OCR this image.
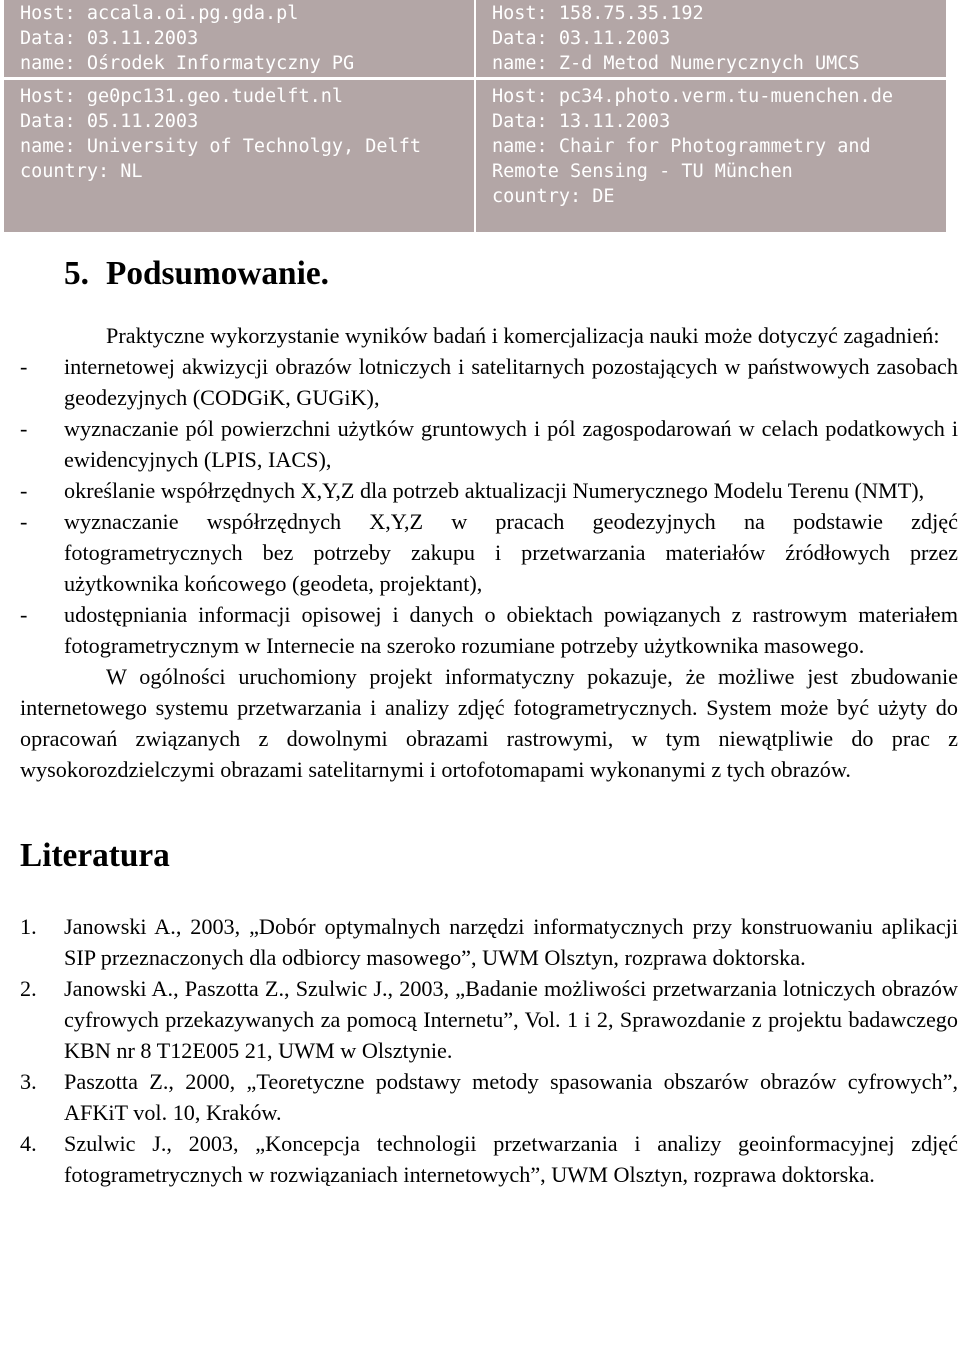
Host: accala.oi.pg.gda.pl
Data: 03.11.2003
name: Ośrodek Informatyczny PG
Host: 158.75.35.192
Data: 03.11.2003
name: Z-d Metod Numerycznych UMCS
Host: ge0pc131.geo.tudelft.nl
Data: 05.11.2003
name: University of Technolgy, Delft
country: NL
Host: pc34.photo.verm.tu-muenchen.de
Data: 13.11.2003
name: Chair for Photogrammetry and Remote Sensing - TU München
country: DE
5. Podsumowanie.

Praktyczne wykorzystanie wyników badań i komercjalizacja nauki może dotyczyć zagadnień:

- internetowej akwizycji obrazów lotniczych i satelitarnych pozostających w państwowych zasobach geodezyjnych (CODGiK, GUGiK),
- wyznaczanie pól powierzchni użytków gruntowych i pól zagospodarowań w celach podatkowych i ewidencyjnych (LPIS, IACS),
- określanie współrzędnych X,Y,Z dla potrzeb aktualizacji Numerycznego Modelu Terenu (NMT),
- wyznaczanie współrzędnych X,Y,Z w pracach geodezyjnych na podstawie zdjęć fotogrametrycznych bez potrzeby zakupu i przetwarzania materiałów źródłowych przez użytkownika końcowego (geodeta, projektant),
- udostępniania informacji opisowej i danych o obiektach powiązanych z rastrowym materiałem fotogrametrycznym w Internecie na szeroko rozumiane potrzeby użytkownika masowego.

W ogólności uruchomiony projekt informatyczny pokazuje, że możliwe jest zbudowanie internetowego systemu przetwarzania i analizy zdjęć fotogrametrycznych. System może być użyty do opracowań związanych z dowolnymi obrazami rastrowymi, w tym niewątpliwie do prac z wysokorozdzielczymi obrazami satelitarnymi i ortofotomapami wykonanymi z tych obrazów.

Literatura
1. Janowski A., 2003, „Dobór optymalnych narzędzi informatycznych przy konstruowaniu aplikacji SIP przeznaczonych dla odbiorcy masowego”, UWM Olsztyn, rozprawa doktorska.
2. Janowski A., Paszotta Z., Szulwic J., 2003, „Badanie możliwości przetwarzania lotniczych obrazów cyfrowych przekazywanych za pomocą Internetu”, Vol. 1 i 2, Sprawozdanie z projektu badawczego KBN nr 8 T12E005 21, UWM w Olsztynie.
3. Paszotta Z., 2000, „Teoretyczne podstawy metody spasowania obszarów obrazów cyfrowych”, AFKiT vol. 10, Kraków.
4. Szulwic J., 2003, „Koncepcja technologii przetwarzania i analizy geoinformacyjnej zdjęć fotogrametrycznych w rozwiązaniach internetowych”, UWM Olsztyn, rozprawa doktorska.
